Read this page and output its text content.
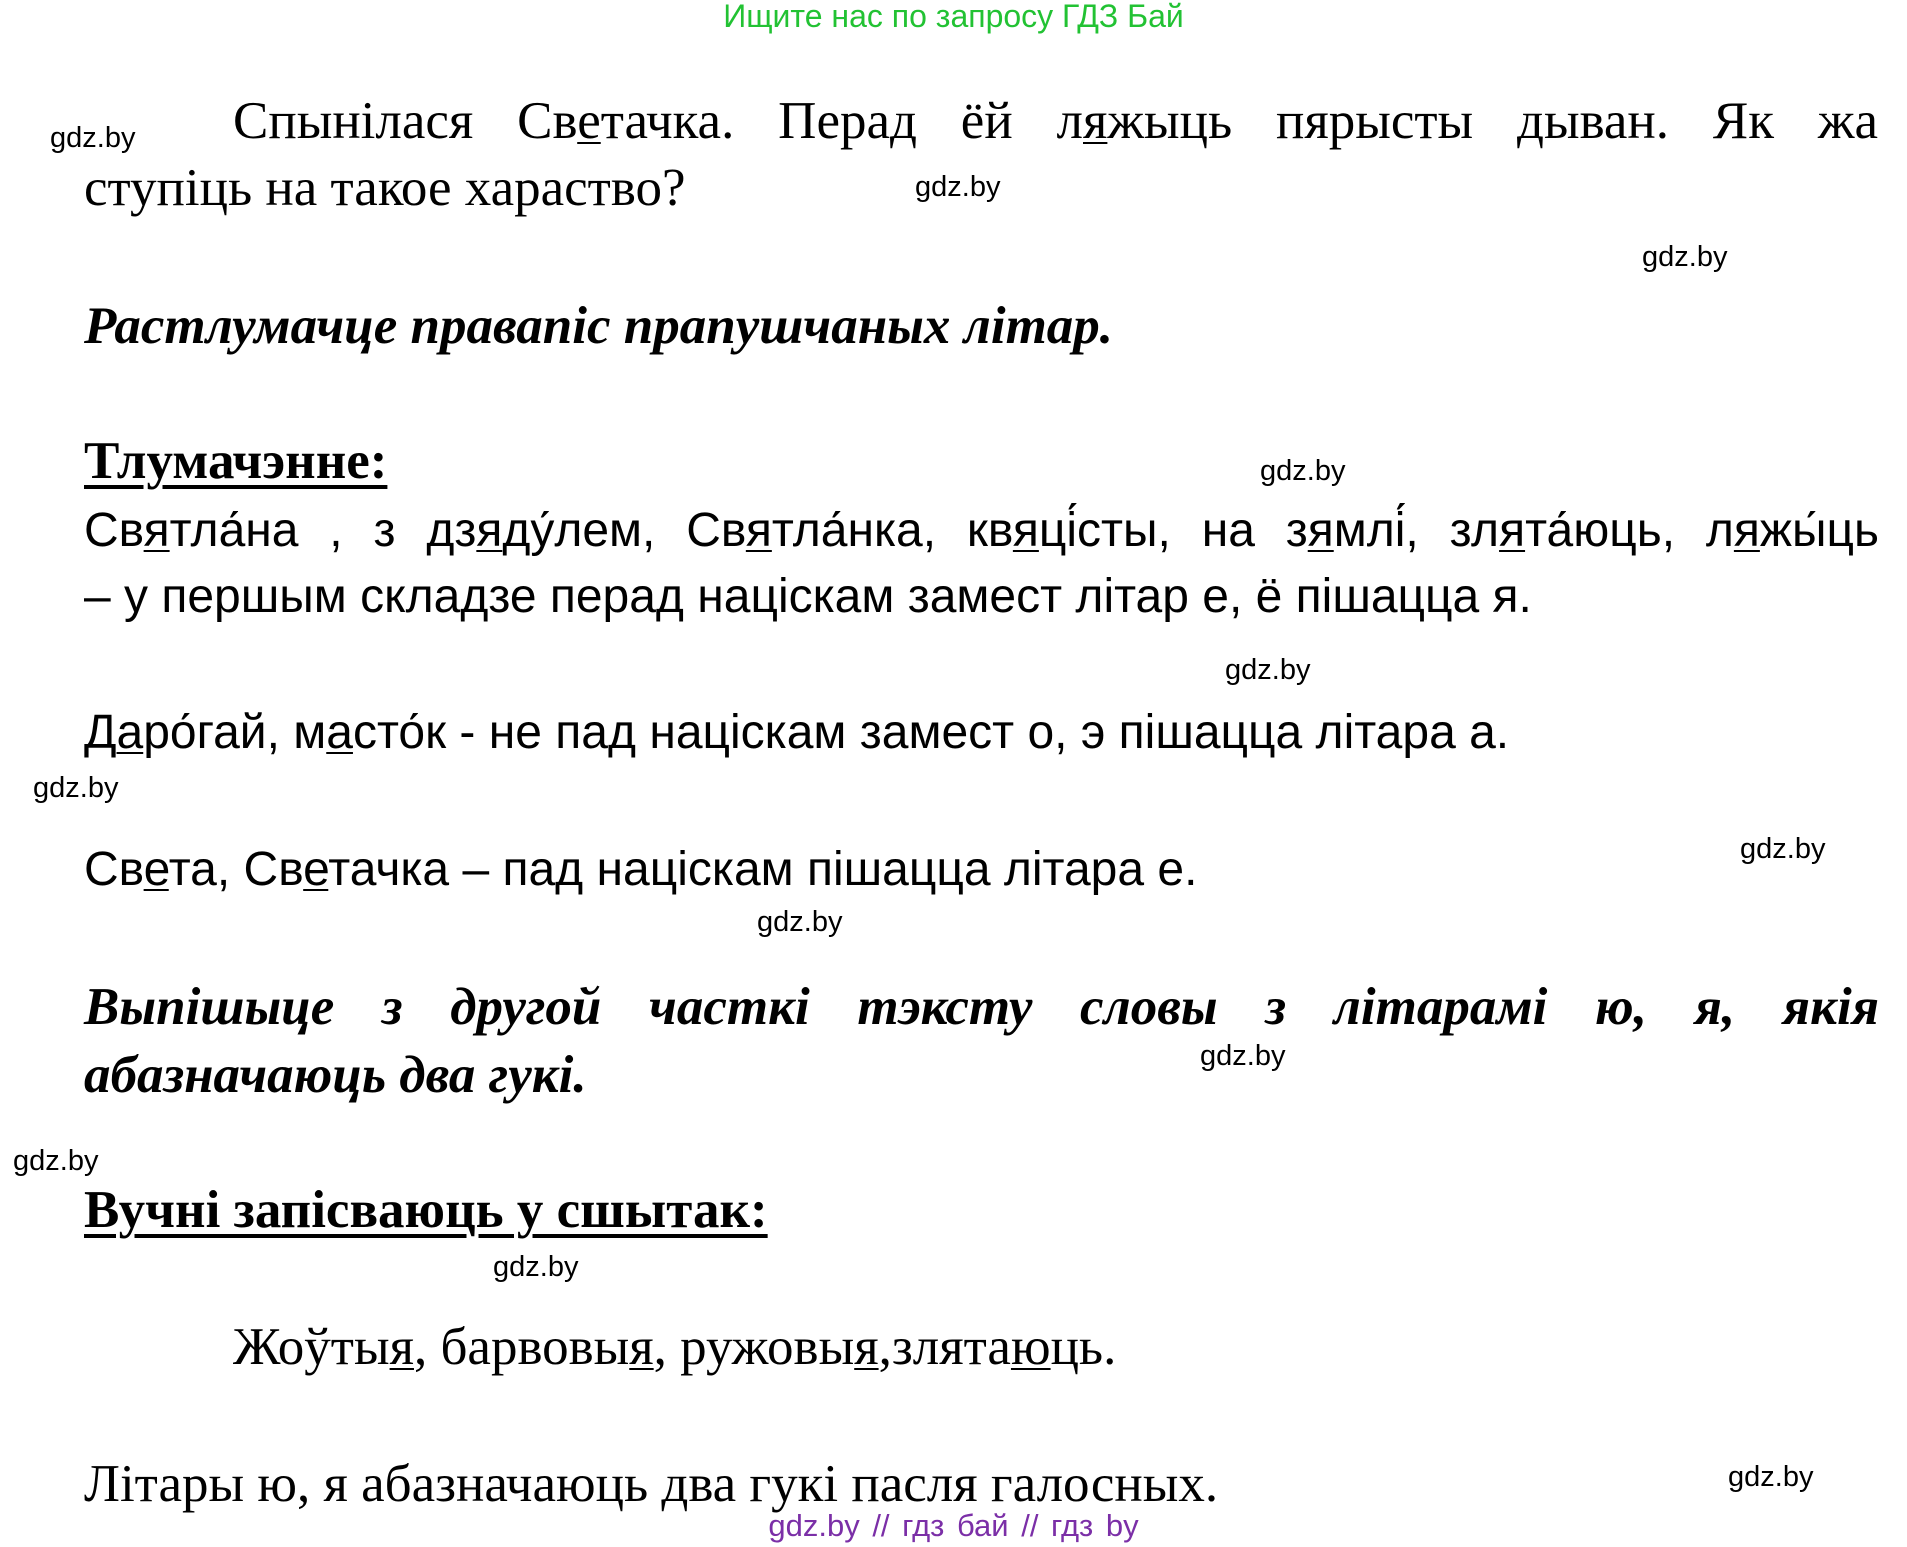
Ищите нас по запросу ГДЗ Бай
Спынілася Светачка. Перад ёй ляжыць пярысты дыван. Як жа
ступіць на такое хараство?
Растлумачце правапіс прапушчаных літар.
Тлумачэнне:
Святла́на , з дзяду́лем, Святла́нка, квяці́сты, на зямлі́, злята́юць, ляжы́ць
– у першым складзе перад націскам замест літар е, ё пішацца я.
Даро́гай, масто́к - не пад націскам замест о, э пішацца літара а.
Света, Светачка – пад націскам пішацца літара е.
Выпішыце з другой часткі тэксту словы з літарамі ю, я, якія
абазначаюць два гукі.
Вучні запісваюць у сшытак:
Жоўтыя, барвовыя, ружовыя,злятаюць.
Літары ю, я абазначаюць два гукі пасля галосных.
gdz.by
gdz.by
gdz.by
gdz.by
gdz.by
gdz.by
gdz.by
gdz.by
gdz.by
gdz.by
gdz.by
gdz.by
gdz.by // гдз бай // гдз by
